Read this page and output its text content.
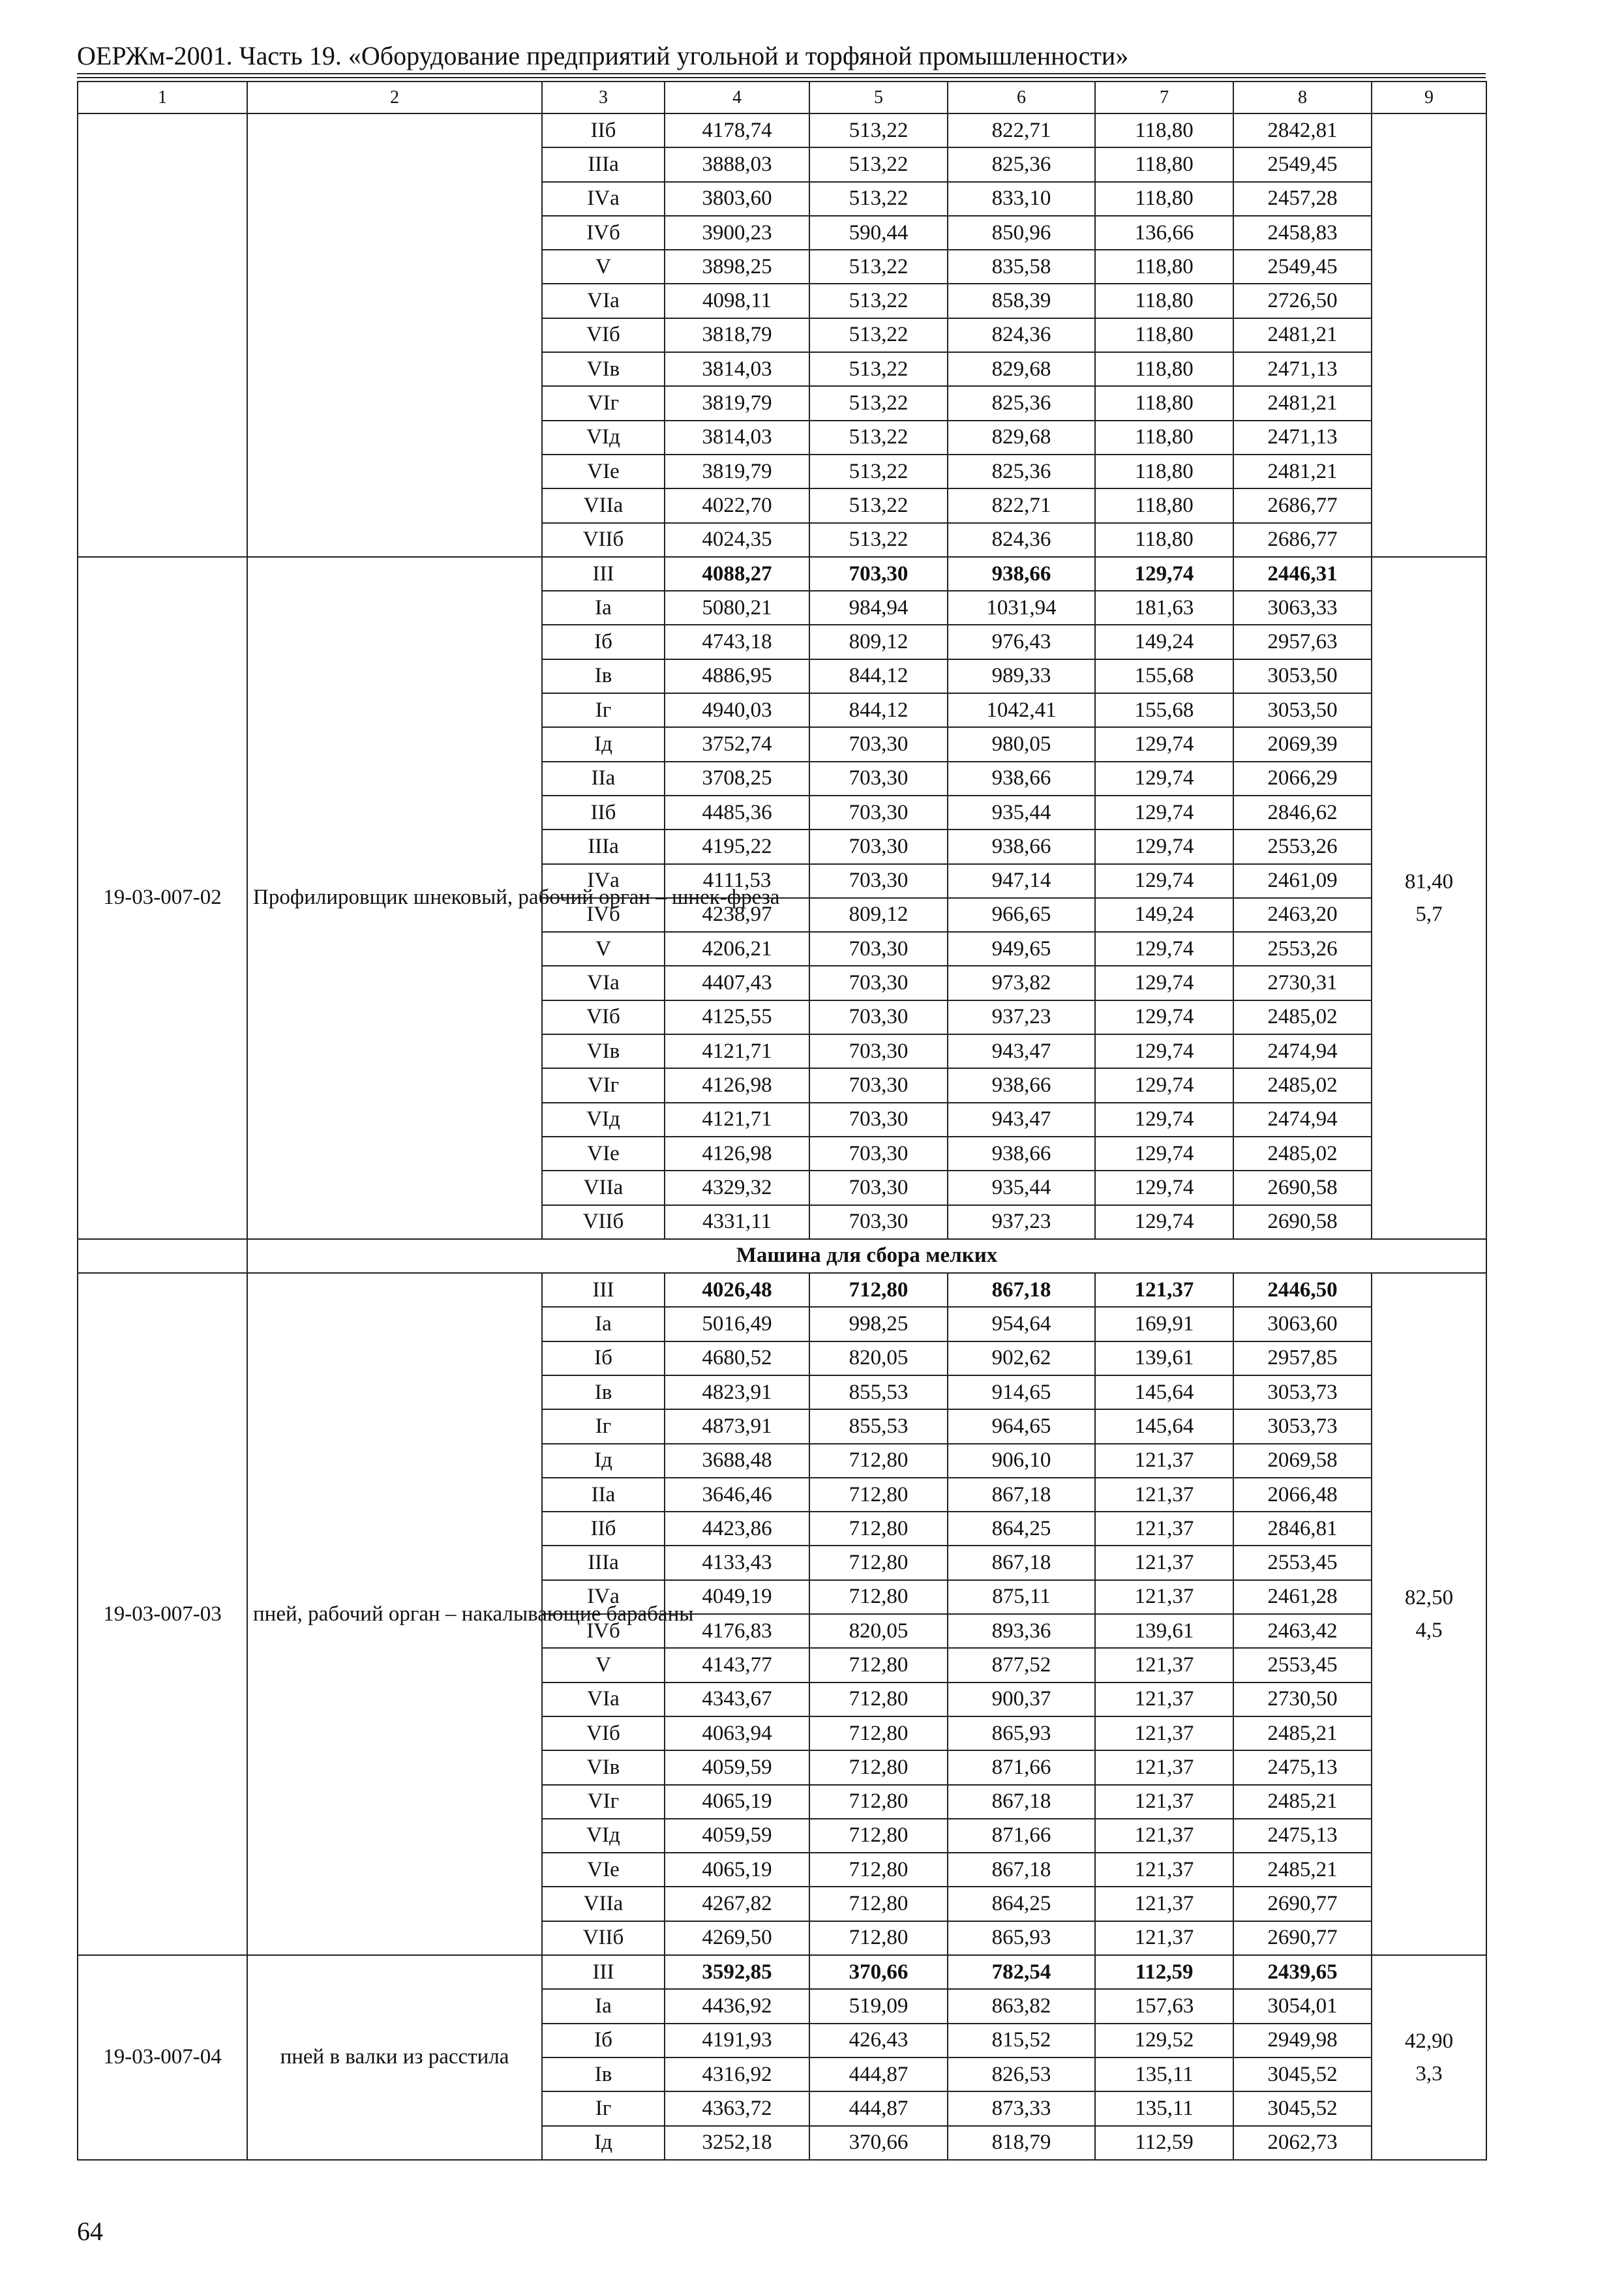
ОЕРЖм-2001. Часть 19. «Оборудование предприятий угольной и торфяной промышленности»
1	2	3	4	5	6	7	8	9
		IIб	4178,74	513,22	822,71	118,80	2842,81	
		IIIа	3888,03	513,22	825,36	118,80	2549,45	
		IVа	3803,60	513,22	833,10	118,80	2457,28	
		IVб	3900,23	590,44	850,96	136,66	2458,83	
		V	3898,25	513,22	835,58	118,80	2549,45	
		VIа	4098,11	513,22	858,39	118,80	2726,50	
		VIб	3818,79	513,22	824,36	118,80	2481,21	
		VIв	3814,03	513,22	829,68	118,80	2471,13	
		VIг	3819,79	513,22	825,36	118,80	2481,21	
		VIд	3814,03	513,22	829,68	118,80	2471,13	
		VIе	3819,79	513,22	825,36	118,80	2481,21	
		VIIа	4022,70	513,22	822,71	118,80	2686,77	
		VIIб	4024,35	513,22	824,36	118,80	2686,77	
19-03-007-02	Профилировщик шнековый, рабочий орган – шнек-фреза	III	4088,27	703,30	938,66	129,74	2446,31	81,40
5,7

		Iа	5080,21	984,94	1031,94	181,63	3063,33	
		Iб	4743,18	809,12	976,43	149,24	2957,63	
		Iв	4886,95	844,12	989,33	155,68	3053,50	
		Iг	4940,03	844,12	1042,41	155,68	3053,50	
		Iд	3752,74	703,30	980,05	129,74	2069,39	
		IIа	3708,25	703,30	938,66	129,74	2066,29	
		IIб	4485,36	703,30	935,44	129,74	2846,62	
		IIIа	4195,22	703,30	938,66	129,74	2553,26	
		IVа	4111,53	703,30	947,14	129,74	2461,09	
		IVб	4238,97	809,12	966,65	149,24	2463,20	
		V	4206,21	703,30	949,65	129,74	2553,26	
		VIа	4407,43	703,30	973,82	129,74	2730,31	
		VIб	4125,55	703,30	937,23	129,74	2485,02	
		VIв	4121,71	703,30	943,47	129,74	2474,94	
		VIг	4126,98	703,30	938,66	129,74	2485,02	
		VIд	4121,71	703,30	943,47	129,74	2474,94	
		VIе	4126,98	703,30	938,66	129,74	2485,02	
		VIIа	4329,32	703,30	935,44	129,74	2690,58	
		VIIб	4331,11	703,30	937,23	129,74	2690,58	
	Машина для сбора мелких							
19-03-007-03	пней, рабочий орган – накалывающие барабаны	III	4026,48	712,80	867,18	121,37	2446,50	82,50
4,5

		Iа	5016,49	998,25	954,64	169,91	3063,60	
		Iб	4680,52	820,05	902,62	139,61	2957,85	
		Iв	4823,91	855,53	914,65	145,64	3053,73	
		Iг	4873,91	855,53	964,65	145,64	3053,73	
		Iд	3688,48	712,80	906,10	121,37	2069,58	
		IIа	3646,46	712,80	867,18	121,37	2066,48	
		IIб	4423,86	712,80	864,25	121,37	2846,81	
		IIIа	4133,43	712,80	867,18	121,37	2553,45	
		IVа	4049,19	712,80	875,11	121,37	2461,28	
		IVб	4176,83	820,05	893,36	139,61	2463,42	
		V	4143,77	712,80	877,52	121,37	2553,45	
		VIа	4343,67	712,80	900,37	121,37	2730,50	
		VIб	4063,94	712,80	865,93	121,37	2485,21	
		VIв	4059,59	712,80	871,66	121,37	2475,13	
		VIг	4065,19	712,80	867,18	121,37	2485,21	
		VIд	4059,59	712,80	871,66	121,37	2475,13	
		VIе	4065,19	712,80	867,18	121,37	2485,21	
		VIIа	4267,82	712,80	864,25	121,37	2690,77	
		VIIб	4269,50	712,80	865,93	121,37	2690,77	
19-03-007-04	пней в валки из расстила	III	3592,85	370,66	782,54	112,59	2439,65	42,90
3,3

		Iа	4436,92	519,09	863,82	157,63	3054,01	
		Iб	4191,93	426,43	815,52	129,52	2949,98	
		Iв	4316,92	444,87	826,53	135,11	3045,52	
		Iг	4363,72	444,87	873,33	135,11	3045,52	
		Iд	3252,18	370,66	818,79	112,59	2062,73	
64
